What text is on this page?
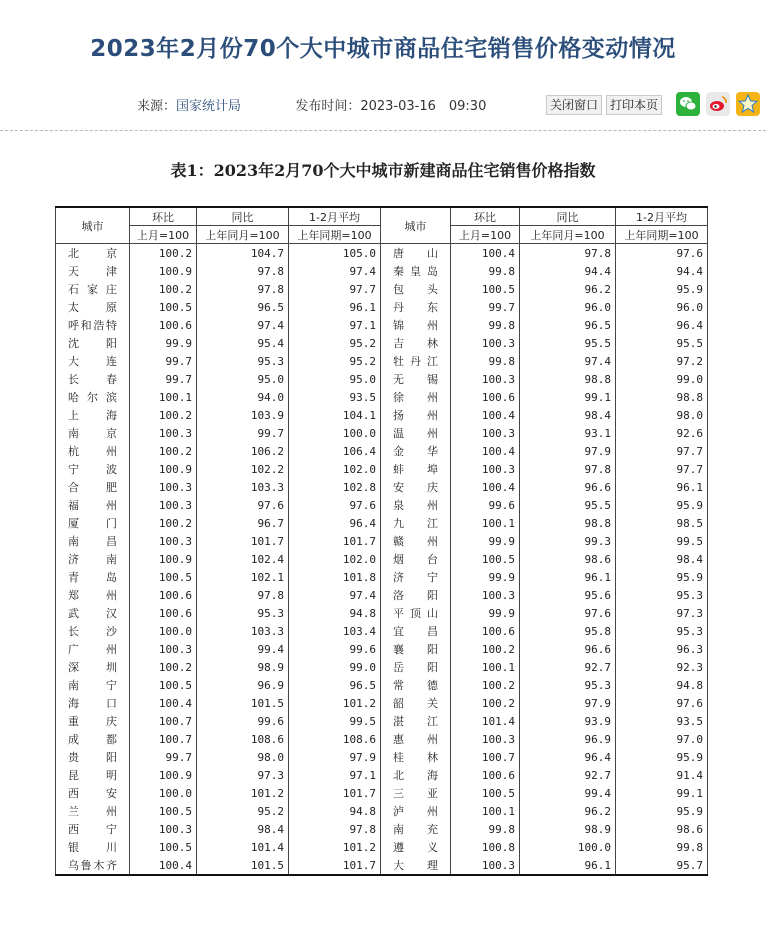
2023年2月份70个大中城市商品住宅销售价格变动情况
来源：国家统计局	发布时间：2023-03-16　09:30	关闭窗口 打印本页
表1：2023年2月70个大中城市新建商品住宅销售价格指数
城市	环比	同比	1-2月平均	城市	环比	同比	1-2月平均
	上月=100	上年同月=100	上年同期=100		上月=100	上年同月=100	上年同期=100
北京	100.2	104.7	105.0	唐山	100.4	97.8	97.6
天津	100.9	97.8	97.4	秦皇岛	99.8	94.4	94.4
石家庄	100.2	97.8	97.7	包头	100.5	96.2	95.9
太原	100.5	96.5	96.1	丹东	99.7	96.0	96.0
呼和浩特	100.6	97.4	97.1	锦州	99.8	96.5	96.4
沈阳	99.9	95.4	95.2	吉林	100.3	95.5	95.5
大连	99.7	95.3	95.2	牡丹江	99.8	97.4	97.2
长春	99.7	95.0	95.0	无锡	100.3	98.8	99.0
哈尔滨	100.1	94.0	93.5	徐州	100.6	99.1	98.8
上海	100.2	103.9	104.1	扬州	100.4	98.4	98.0
南京	100.3	99.7	100.0	温州	100.3	93.1	92.6
杭州	100.2	106.2	106.4	金华	100.4	97.9	97.7
宁波	100.9	102.2	102.0	蚌埠	100.3	97.8	97.7
合肥	100.3	103.3	102.8	安庆	100.4	96.6	96.1
福州	100.3	97.6	97.6	泉州	99.6	95.5	95.9
厦门	100.2	96.7	96.4	九江	100.1	98.8	98.5
南昌	100.3	101.7	101.7	赣州	99.9	99.3	99.5
济南	100.9	102.4	102.0	烟台	100.5	98.6	98.4
青岛	100.5	102.1	101.8	济宁	99.9	96.1	95.9
郑州	100.6	97.8	97.4	洛阳	100.3	95.6	95.3
武汉	100.6	95.3	94.8	平顶山	99.9	97.6	97.3
长沙	100.0	103.3	103.4	宜昌	100.6	95.8	95.3
广州	100.3	99.4	99.6	襄阳	100.2	96.6	96.3
深圳	100.2	98.9	99.0	岳阳	100.1	92.7	92.3
南宁	100.5	96.9	96.5	常德	100.2	95.3	94.8
海口	100.4	101.5	101.2	韶关	100.2	97.9	97.6
重庆	100.7	99.6	99.5	湛江	101.4	93.9	93.5
成都	100.7	108.6	108.6	惠州	100.3	96.9	97.0
贵阳	99.7	98.0	97.9	桂林	100.7	96.4	95.9
昆明	100.9	97.3	97.1	北海	100.6	92.7	91.4
西安	100.0	101.2	101.7	三亚	100.5	99.4	99.1
兰州	100.5	95.2	94.8	泸州	100.1	96.2	95.9
西宁	100.3	98.4	97.8	南充	99.8	98.9	98.6
银川	100.5	101.4	101.2	遵义	100.8	100.0	99.8
乌鲁木齐	100.4	101.5	101.7	大理	100.3	96.1	95.7
